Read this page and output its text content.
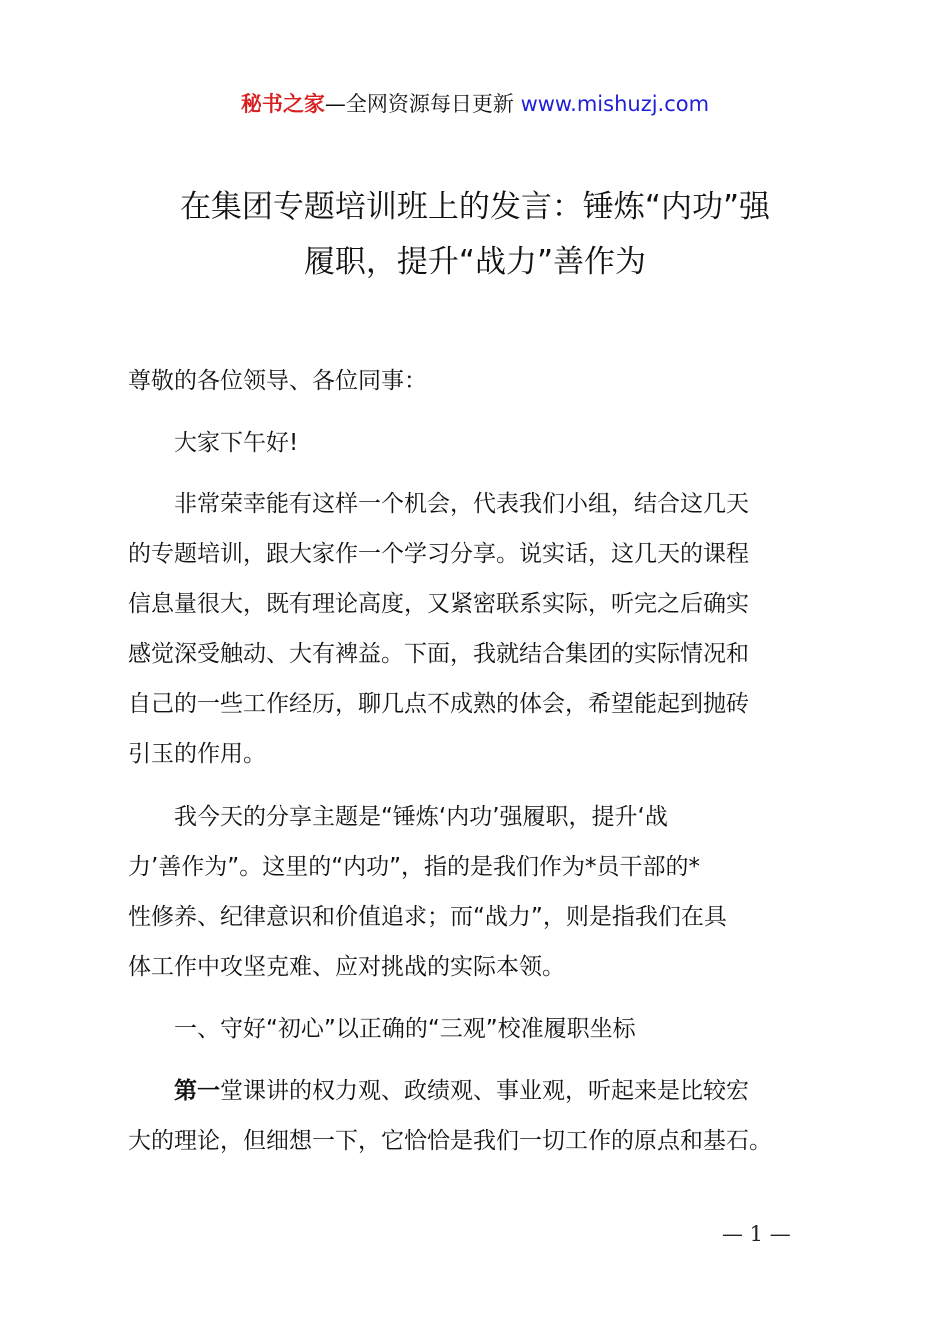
秘书之家—全网资源每日更新 www.mishuzj.com
在集团专题培训班上的发言：锤炼“内功”强
履职，提升“战力”善作为
尊敬的各位领导、各位同事：
大家下午好!
非常荣幸能有这样一个机会，代表我们小组，结合这几天
的专题培训，跟大家作一个学习分享。说实话，这几天的课程
信息量很大，既有理论高度，又紧密联系实际，听完之后确实
感觉深受触动、大有裨益。下面，我就结合集团的实际情况和
自己的一些工作经历，聊几点不成熟的体会，希望能起到抛砖
引玉的作用。
我今天的分享主题是“锤炼‘内功’强履职，提升‘战
力’善作为”。这里的“内功”，指的是我们作为*员干部的*
性修养、纪律意识和价值追求；而“战力”，则是指我们在具
体工作中攻坚克难、应对挑战的实际本领。
一、守好“初心”以正确的“三观”校准履职坐标
第一堂课讲的权力观、政绩观、事业观，听起来是比较宏
大的理论，但细想一下，它恰恰是我们一切工作的原点和基石。
— 1 —
